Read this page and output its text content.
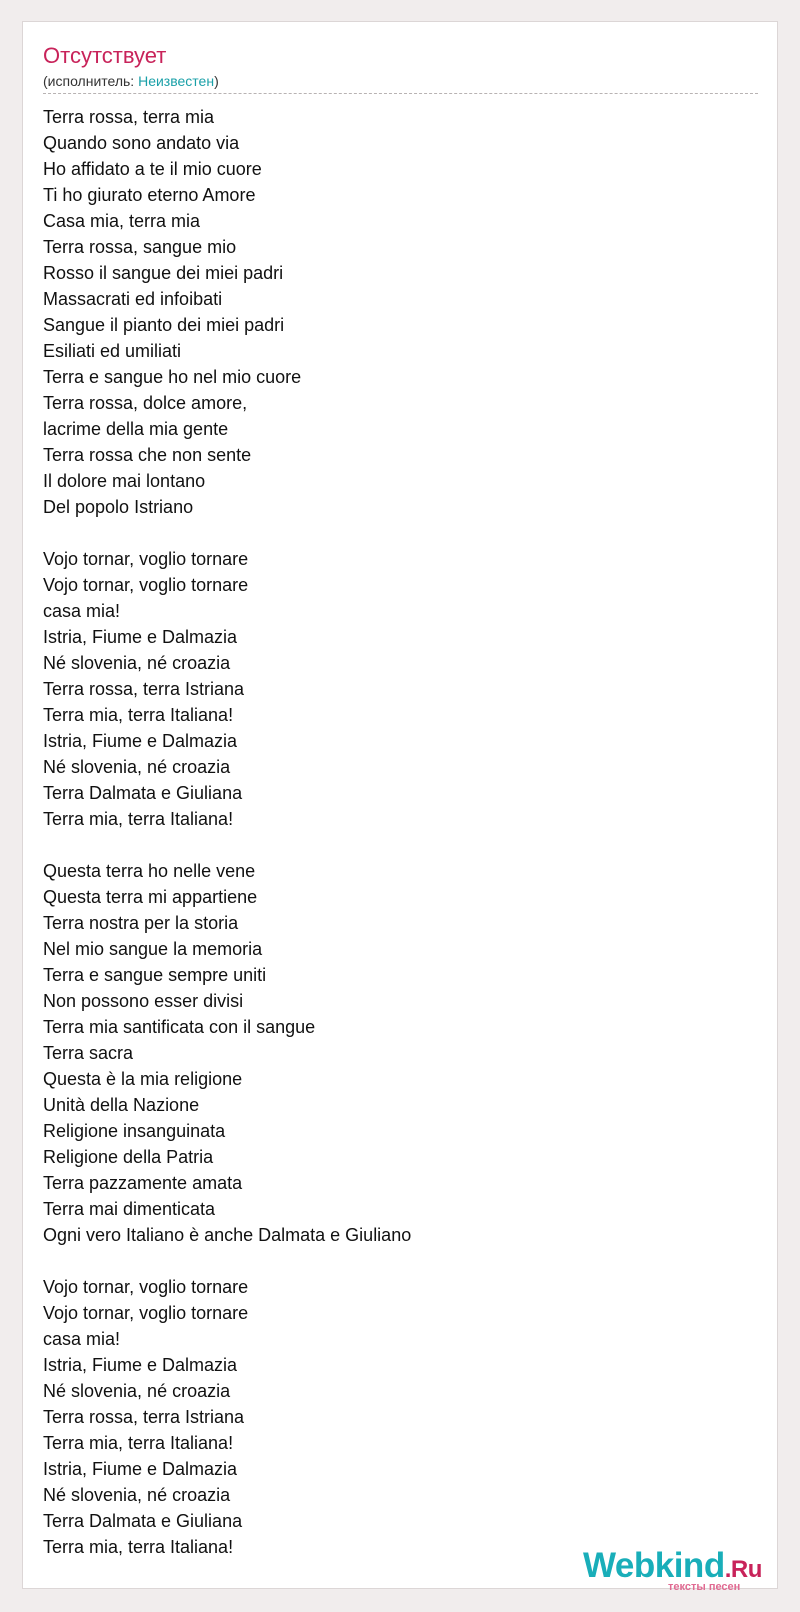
Отсутствует
(исполнитель: Неизвестен)
Terra rossa, terra mia
Quando sono andato via
Ho affidato a te il mio cuore
Ti ho giurato eterno Amore
Casa mia, terra mia
Terra rossa, sangue mio
Rosso il sangue dei miei padri
Massacrati ed infoibati
Sangue il pianto dei miei padri
Esiliati ed umiliati
Terra e sangue ho nel mio cuore
Terra rossa, dolce amore,
lacrime della mia gente
Terra rossa che non sente
Il dolore mai lontano
Del popolo Istriano
Vojo tornar, voglio tornare
Vojo tornar, voglio tornare
casa mia!
Istria, Fiume e Dalmazia
Né slovenia, né croazia
Terra rossa, terra Istriana
Terra mia, terra Italiana!
Istria, Fiume e Dalmazia
Né slovenia, né croazia
Terra Dalmata e Giuliana
Terra mia, terra Italiana!
Questa terra ho nelle vene
Questa terra mi appartiene
Terra nostra per la storia
Nel mio sangue la memoria
Terra e sangue sempre uniti
Non possono esser divisi
Terra mia santificata con il sangue
Terra sacra
Questa è la mia religione
Unità della Nazione
Religione insanguinata
Religione della Patria
Terra pazzamente amata
Terra mai dimenticata
Ogni vero Italiano è anche Dalmata e Giuliano
Vojo tornar, voglio tornare
Vojo tornar, voglio tornare
casa mia!
Istria, Fiume e Dalmazia
Né slovenia, né croazia
Terra rossa, terra Istriana
Terra mia, terra Italiana!
Istria, Fiume e Dalmazia
Né slovenia, né croazia
Terra Dalmata e Giuliana
Terra mia, terra Italiana!	Webkind.Ru
тексты песен
